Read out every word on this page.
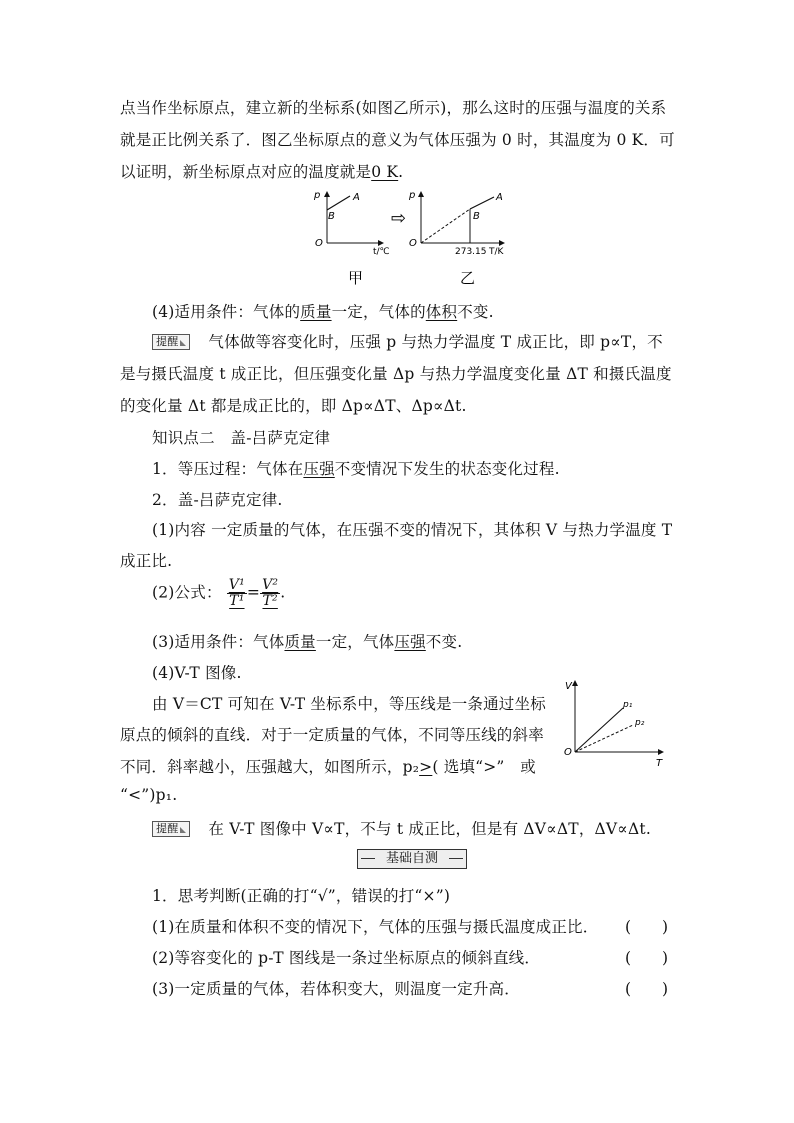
点当作坐标原点，建立新的坐标系(如图乙所示)，那么这时的压强与温度的关系
就是正比例关系了．图乙坐标原点的意义为气体压强为 0 时，其温度为 0 K．可
以证明，新坐标原点对应的温度就是0 K.
p	A
B
O
t/℃
⇨
p	A
B
O
273.15 T/K
甲	乙
(4)适用条件：气体的质量一定，气体的体积不变.
提醒 气体做等容变化时，压强 p 与热力学温度 T 成正比，即 p∝T，不
是与摄氏温度 t 成正比，但压强变化量 Δp 与热力学温度变化量 ΔT 和摄氏温度
的变化量 Δt 都是成正比的，即 Δp∝ΔT、Δp∝Δt.
知识点二　盖-吕萨克定律
1．等压过程：气体在压强不变情况下发生的状态变化过程.
2．盖-吕萨克定律.
(1)内容 一定质量的气体，在压强不变的情况下，其体积 V 与热力学温度 T
成正比.
(2)公式： $\frac{\text{V¹}}{\text{T¹}} = \frac{\text{V²}}{\text{T²}}$ .
(3)适用条件：气体质量一定，气体压强不变.
(4)V-T 图像.
由 V＝CT 可知在 V-T 坐标系中，等压线是一条通过坐标
原点的倾斜的直线．对于一定质量的气体，不同等压线的斜率
不同．斜率越小，压强越大，如图所示，p₂>( 选填“>”　或
“<”)p₁.
V
T
O
p₁
p₂
提醒 在 V-T 图像中 V∝T，不与 t 成正比，但是有 ΔV∝ΔT，ΔV∝Δt.
基础自测
1．思考判断(正确的打“√”，错误的打“×”)
(1)在质量和体积不变的情况下，气体的压强与摄氏温度成正比． (　　)
(2)等容变化的 p-T 图线是一条过坐标原点的倾斜直线．	(　　)
(3)一定质量的气体，若体积变大，则温度一定升高．	(　　)
